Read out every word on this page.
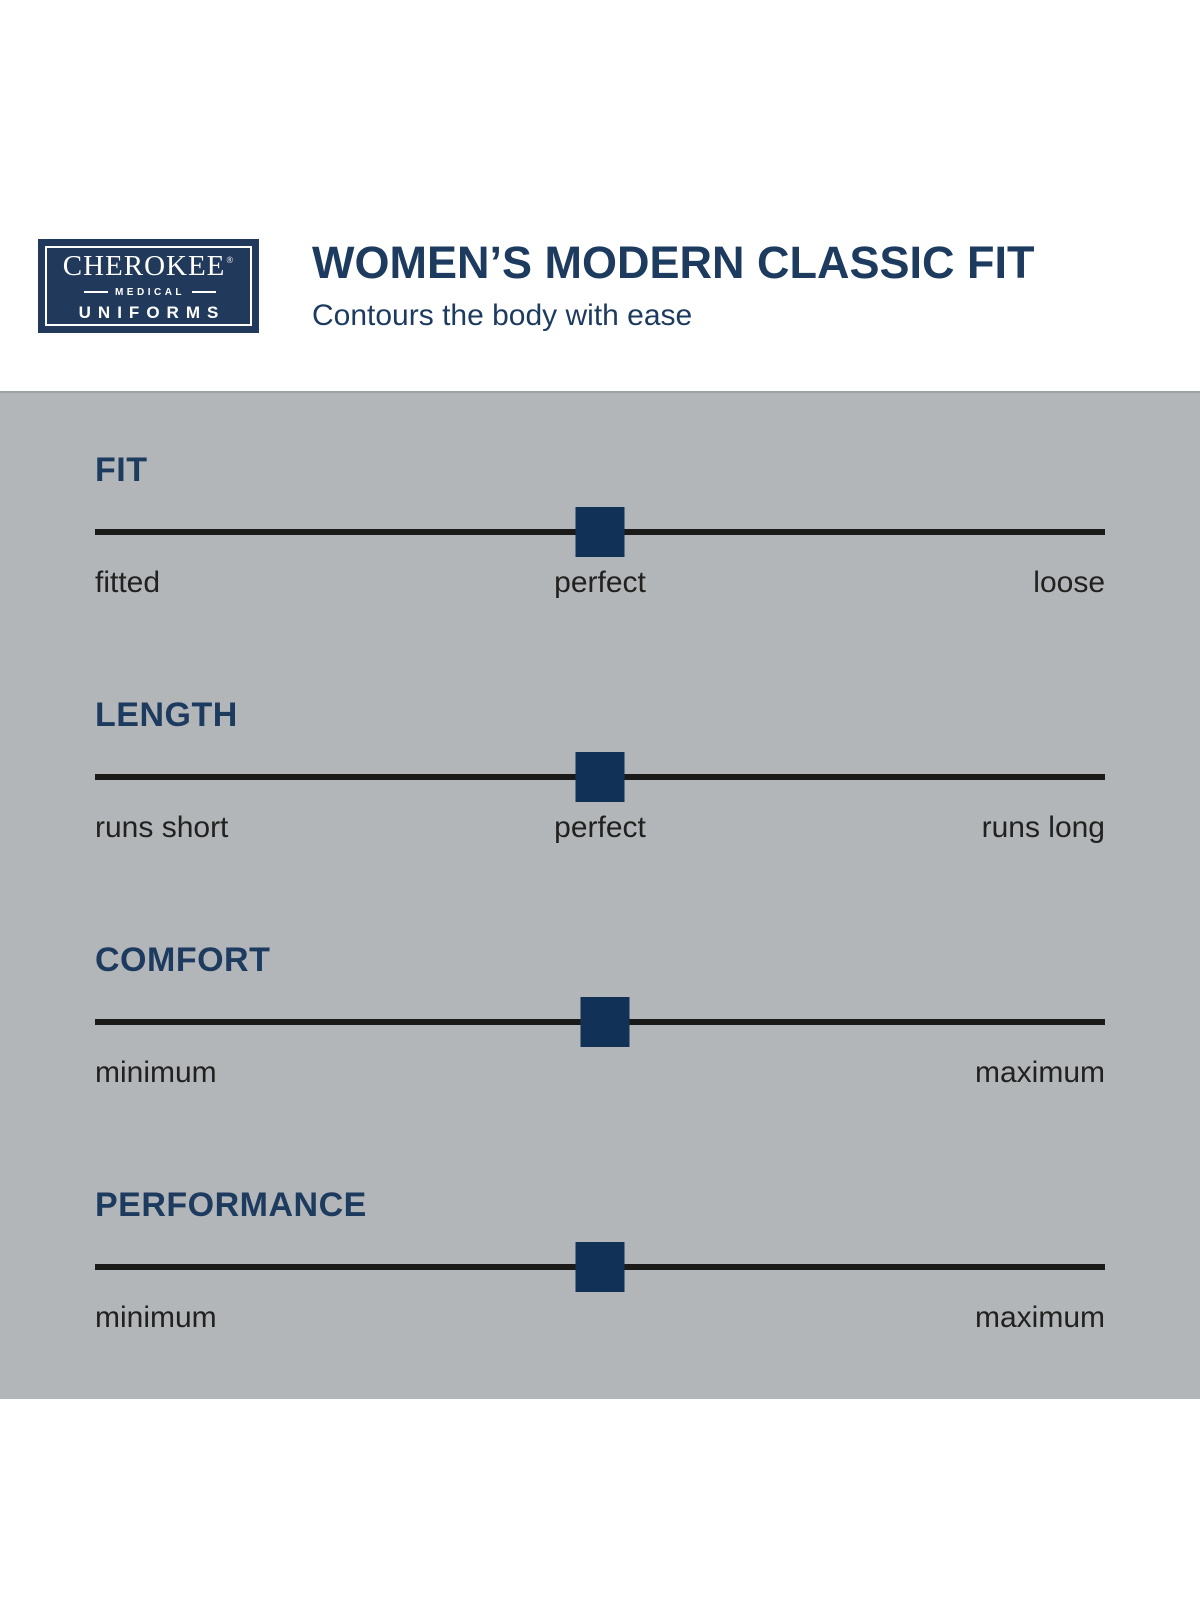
CHEROKEE®
MEDICAL
UNIFORMS
WOMEN’S MODERN CLASSIC FIT
Contours the body with ease
FIT
fitted	perfect	loose
LENGTH
runs short	perfect	runs long
COMFORT
minimum	maximum
PERFORMANCE
minimum	maximum
